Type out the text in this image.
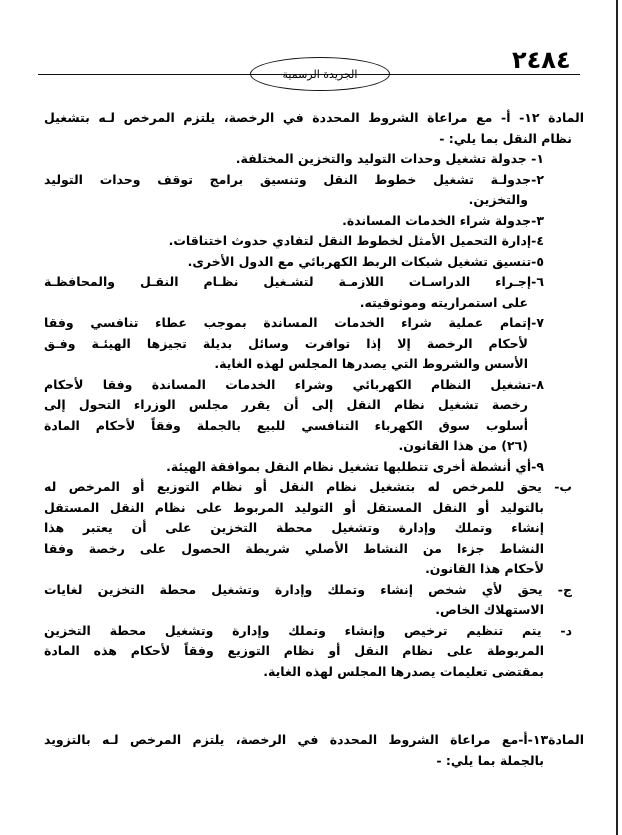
٢٤٨٤
الجريدة الرسمية
المادة ١٢- أ- مع مراعاة الشروط المحددة في الرخصة، يلتزم المرخص لـه بتشغيل
نظام النقل بما يلي: -
١- جدولة تشغيل وحدات التوليد والتخزين المختلفة.
٢-جدولـة تشغيل خطوط النقل وتنسيق برامج توقف وحدات التوليد
والتخزين.
٣-جدولة شراء الخدمات المساندة.
٤-إدارة التحميل الأمثل لخطوط النقل لتفادي حدوث اختناقات.
٥-تنسيق تشغيل شبكات الربط الكهربائي مع الدول الأخرى.
٦-إجـراء الدراسـات اللازمـة لتشـغيل نظـام النقـل والمحافظـة
على استمراريته وموثوقيته.
٧-إتمام عملية شراء الخدمات المساندة بموجب عطاء تنافسي وفقا
لأحكام الرخصة إلا إذا توافرت وسائل بديلة تجيزها الهيئـة وفـق
الأسس والشروط التي يصدرها المجلس لهذه الغاية.
٨-تشغيل النظام الكهربائي وشراء الخدمات المساندة وفقا لأحكام
رخصة تشغيل نظام النقل إلى أن يقرر مجلس الوزراء التحول إلى
أسلوب سوق الكهرباء التنافسي للبيع بالجملة وفقاً لأحكام المادة
(٢٦) من هذا القانون.
٩-أي أنشطة أخرى تتطلبها تشغيل نظام النقل بموافقة الهيئة.
ب- يحق للمرخص له بتشغيل نظام النقل أو نظام التوزيع أو المرخص له
بالتوليد أو النقل المستقل أو التوليد المربوط على نظام النقل المستقل
إنشاء وتملك وإدارة وتشغيل محطة التخزين على أن يعتبر هذا
النشاط جزءا من النشاط الأصلي شريطة الحصول على رخصة وفقا
لأحكام هذا القانون.
ج- يحق لأي شخص إنشاء وتملك وإدارة وتشغيل محطة التخزين لغايات
الاستهلاك الخاص.
د- يتم تنظيم ترخيص وإنشاء وتملك وإدارة وتشغيل محطة التخزين
المربوطة على نظام النقل أو نظام التوزيع وفقاً لأحكام هذه المادة
بمقتضى تعليمات يصدرها المجلس لهذه الغاية.
المادة١٣-أ-مع مراعاة الشروط المحددة في الرخصة، يلتزم المرخص لـه بالتزويد
بالجملة بما يلي: -
